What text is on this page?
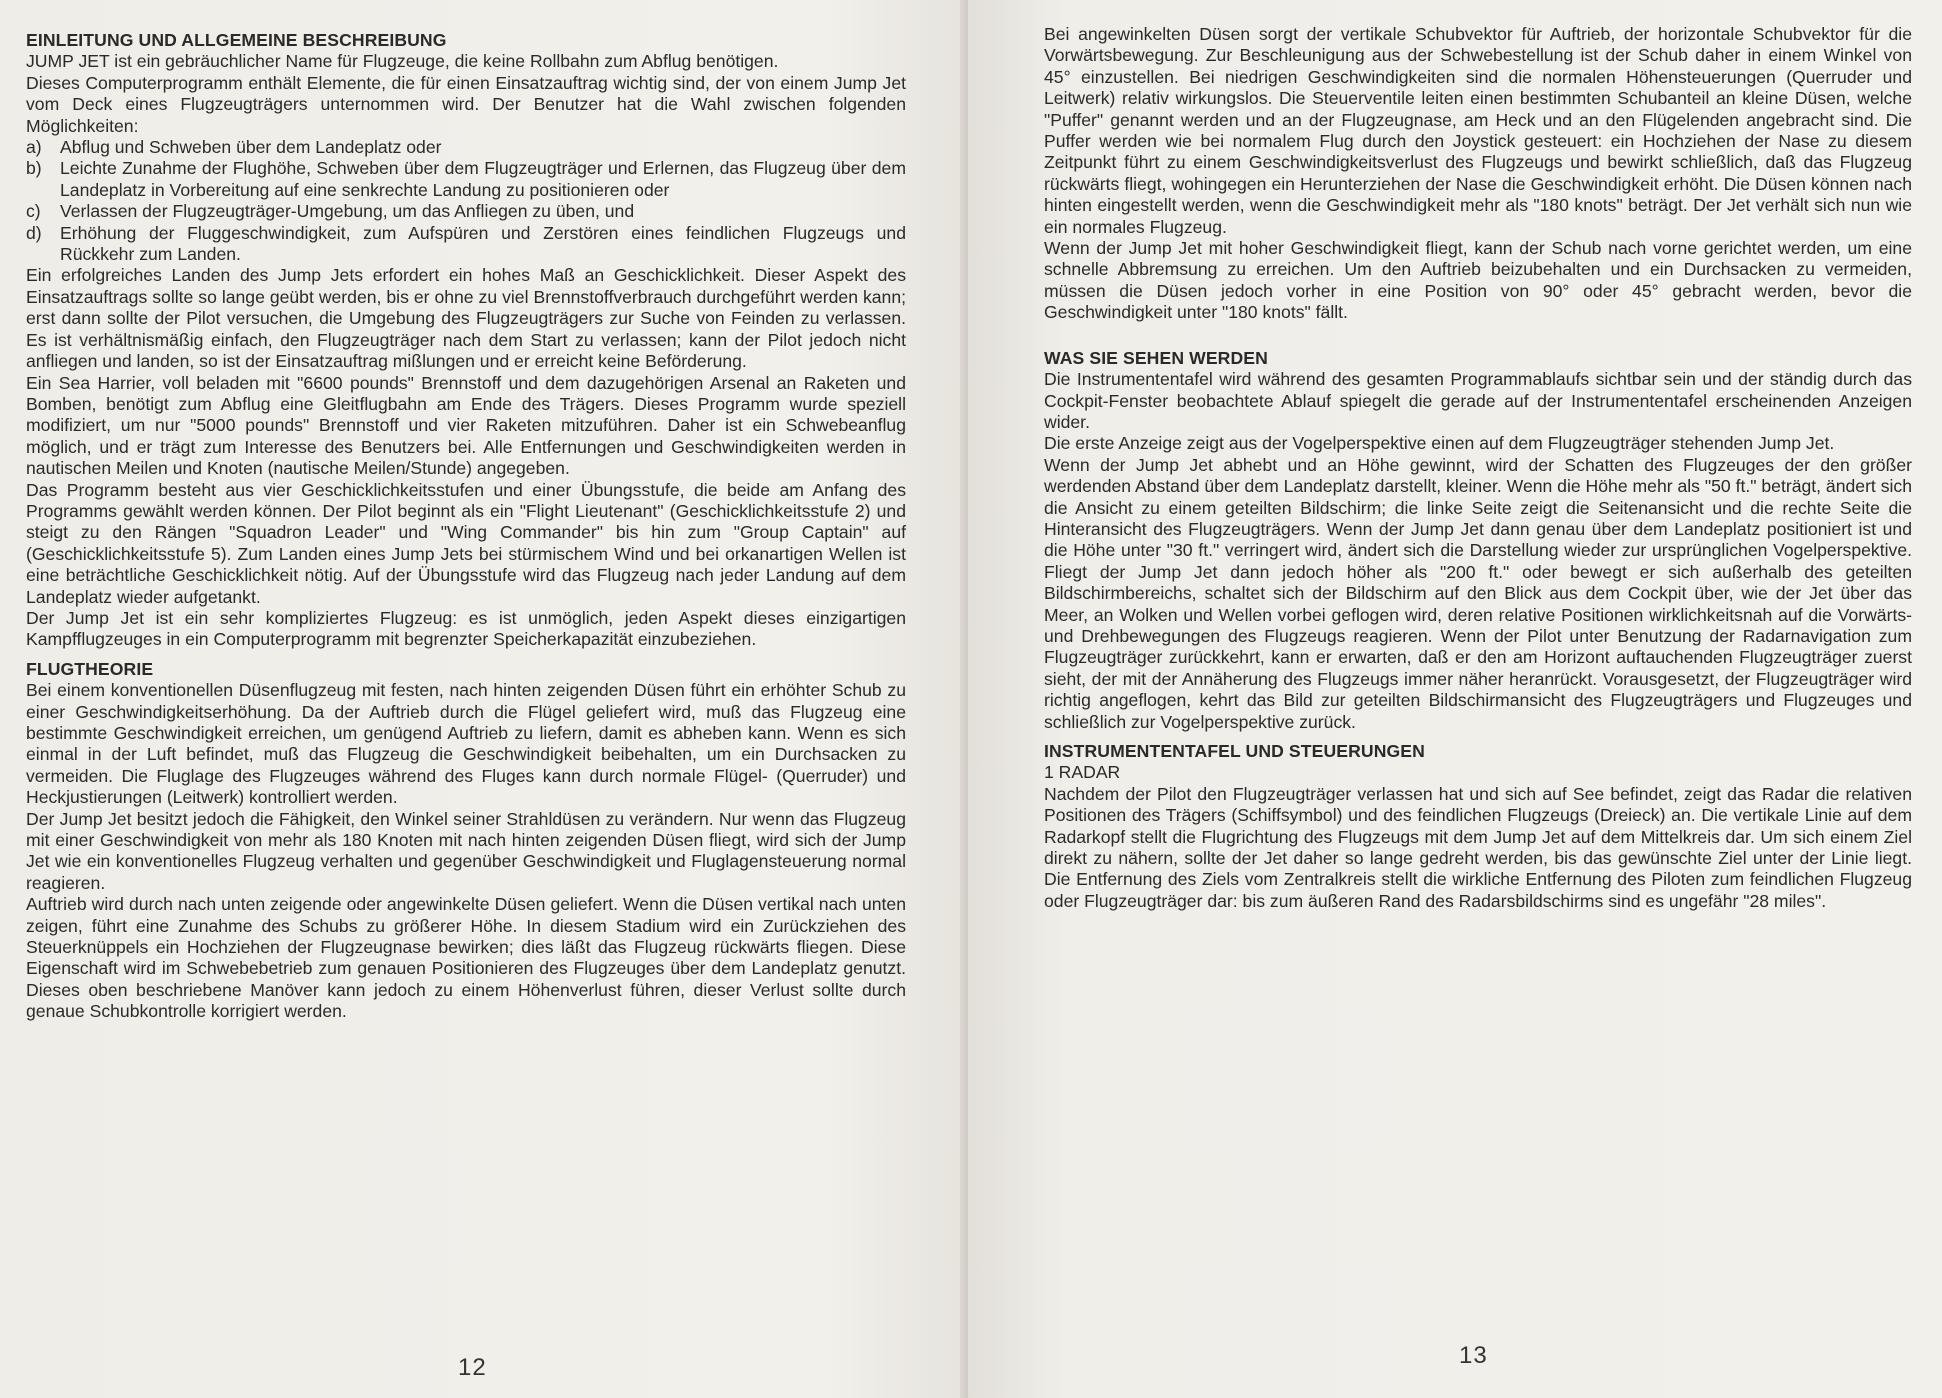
EINLEITUNG UND ALLGEMEINE BESCHREIBUNG

JUMP JET ist ein gebräuchlicher Name für Flugzeuge, die keine Rollbahn zum Abflug benötigen.

Dieses Computerprogramm enthält Elemente, die für einen Einsatzauftrag wichtig sind, der von einem Jump Jet vom Deck eines Flugzeugträgers unternommen wird. Der Benutzer hat die Wahl zwischen folgenden Möglichkeiten:

a)	Abflug und Schweben über dem Landeplatz oder
b)	Leichte Zunahme der Flughöhe, Schweben über dem Flugzeugträger und Erlernen, das Flugzeug über dem Landeplatz in Vorbereitung auf eine senkrechte Landung zu positionieren oder
c)	Verlassen der Flugzeugträger-Umgebung, um das Anfliegen zu üben, und
d)	Erhöhung der Fluggeschwindigkeit, zum Aufspüren und Zerstören eines feindlichen Flugzeugs und Rückkehr zum Landen.

Ein erfolgreiches Landen des Jump Jets erfordert ein hohes Maß an Geschicklichkeit. Dieser Aspekt des Einsatzauftrags sollte so lange geübt werden, bis er ohne zu viel Brennstoffverbrauch durchgeführt werden kann; erst dann sollte der Pilot versuchen, die Umgebung des Flugzeugträgers zur Suche von Feinden zu verlassen. Es ist verhältnismäßig einfach, den Flugzeugträger nach dem Start zu verlassen; kann der Pilot jedoch nicht anfliegen und landen, so ist der Einsatzauftrag mißlungen und er erreicht keine Beförderung.

Ein Sea Harrier, voll beladen mit "6600 pounds" Brennstoff und dem dazugehörigen Arsenal an Raketen und Bomben, benötigt zum Abflug eine Gleitflugbahn am Ende des Trägers. Dieses Programm wurde speziell modifiziert, um nur "5000 pounds" Brennstoff und vier Raketen mitzuführen. Daher ist ein Schwebeanflug möglich, und er trägt zum Interesse des Benutzers bei. Alle Entfernungen und Geschwindigkeiten werden in nautischen Meilen und Knoten (nautische Meilen/Stunde) angegeben.

Das Programm besteht aus vier Geschicklichkeitsstufen und einer Übungsstufe, die beide am Anfang des Programms gewählt werden können. Der Pilot beginnt als ein "Flight Lieutenant" (Geschicklichkeitsstufe 2) und steigt zu den Rängen "Squadron Leader" und "Wing Commander" bis hin zum "Group Captain" auf (Geschicklichkeitsstufe 5). Zum Landen eines Jump Jets bei stürmischem Wind und bei orkanartigen Wellen ist eine beträchtliche Geschicklichkeit nötig. Auf der Übungsstufe wird das Flugzeug nach jeder Landung auf dem Landeplatz wieder aufgetankt.

Der Jump Jet ist ein sehr kompliziertes Flugzeug: es ist unmöglich, jeden Aspekt dieses einzigartigen Kampfflugzeuges in ein Computerprogramm mit begrenzter Speicherkapazität einzubeziehen.

FLUGTHEORIE

Bei einem konventionellen Düsenflugzeug mit festen, nach hinten zeigenden Düsen führt ein erhöhter Schub zu einer Geschwindigkeitserhöhung. Da der Auftrieb durch die Flügel geliefert wird, muß das Flugzeug eine bestimmte Geschwindigkeit erreichen, um genügend Auftrieb zu liefern, damit es abheben kann. Wenn es sich einmal in der Luft befindet, muß das Flugzeug die Geschwindigkeit beibehalten, um ein Durchsacken zu vermeiden. Die Fluglage des Flugzeuges während des Fluges kann durch normale Flügel- (Querruder) und Heckjustierungen (Leitwerk) kontrolliert werden.

Der Jump Jet besitzt jedoch die Fähigkeit, den Winkel seiner Strahldüsen zu verändern. Nur wenn das Flugzeug mit einer Geschwindigkeit von mehr als 180 Knoten mit nach hinten zeigenden Düsen fliegt, wird sich der Jump Jet wie ein konventionelles Flugzeug verhalten und gegenüber Geschwindigkeit und Fluglagensteuerung normal reagieren.

Auftrieb wird durch nach unten zeigende oder angewinkelte Düsen geliefert. Wenn die Düsen vertikal nach unten zeigen, führt eine Zunahme des Schubs zu größerer Höhe. In diesem Stadium wird ein Zurückziehen des Steuerknüppels ein Hochziehen der Flugzeugnase bewirken; dies läßt das Flugzeug rückwärts fliegen. Diese Eigenschaft wird im Schwebebetrieb zum genauen Positionieren des Flugzeuges über dem Landeplatz genutzt. Dieses oben beschriebene Manöver kann jedoch zu einem Höhenverlust führen, dieser Verlust sollte durch genaue Schubkontrolle korrigiert werden.

12

Bei angewinkelten Düsen sorgt der vertikale Schubvektor für Auftrieb, der horizontale Schubvektor für die Vorwärtsbewegung. Zur Beschleunigung aus der Schwebestellung ist der Schub daher in einem Winkel von 45° einzustellen. Bei niedrigen Geschwindigkeiten sind die normalen Höhensteuerungen (Querruder und Leitwerk) relativ wirkungslos. Die Steuerventile leiten einen bestimmten Schubanteil an kleine Düsen, welche "Puffer" genannt werden und an der Flugzeugnase, am Heck und an den Flügelenden angebracht sind. Die Puffer werden wie bei normalem Flug durch den Joystick gesteuert: ein Hochziehen der Nase zu diesem Zeitpunkt führt zu einem Geschwindigkeitsverlust des Flugzeugs und bewirkt schließlich, daß das Flugzeug rückwärts fliegt, wohingegen ein Herunterziehen der Nase die Geschwindigkeit erhöht. Die Düsen können nach hinten eingestellt werden, wenn die Geschwindigkeit mehr als "180 knots" beträgt. Der Jet verhält sich nun wie ein normales Flugzeug.

Wenn der Jump Jet mit hoher Geschwindigkeit fliegt, kann der Schub nach vorne gerichtet werden, um eine schnelle Abbremsung zu erreichen. Um den Auftrieb beizubehalten und ein Durchsacken zu vermeiden, müssen die Düsen jedoch vorher in eine Position von 90° oder 45° gebracht werden, bevor die Geschwindigkeit unter "180 knots" fällt.

WAS SIE SEHEN WERDEN

Die Instrumententafel wird während des gesamten Programmablaufs sichtbar sein und der ständig durch das Cockpit-Fenster beobachtete Ablauf spiegelt die gerade auf der Instrumententafel erscheinenden Anzeigen wider.

Die erste Anzeige zeigt aus der Vogelperspektive einen auf dem Flugzeugträger stehenden Jump Jet.

Wenn der Jump Jet abhebt und an Höhe gewinnt, wird der Schatten des Flugzeuges der den größer werdenden Abstand über dem Landeplatz darstellt, kleiner. Wenn die Höhe mehr als "50 ft." beträgt, ändert sich die Ansicht zu einem geteilten Bildschirm; die linke Seite zeigt die Seitenansicht und die rechte Seite die Hinteransicht des Flugzeugträgers. Wenn der Jump Jet dann genau über dem Landeplatz positioniert ist und die Höhe unter "30 ft." verringert wird, ändert sich die Darstellung wieder zur ursprünglichen Vogelperspektive. Fliegt der Jump Jet dann jedoch höher als "200 ft." oder bewegt er sich außerhalb des geteilten Bildschirmbereichs, schaltet sich der Bildschirm auf den Blick aus dem Cockpit über, wie der Jet über das Meer, an Wolken und Wellen vorbei geflogen wird, deren relative Positionen wirklichkeitsnah auf die Vorwärts- und Drehbewegungen des Flugzeugs reagieren. Wenn der Pilot unter Benutzung der Radarnavigation zum Flugzeugträger zurückkehrt, kann er erwarten, daß er den am Horizont auftauchenden Flugzeugträger zuerst sieht, der mit der Annäherung des Flugzeugs immer näher heranrückt. Vorausgesetzt, der Flugzeugträger wird richtig angeflogen, kehrt das Bild zur geteilten Bildschirmansicht des Flugzeugträgers und Flugzeuges und schließlich zur Vogelperspektive zurück.

INSTRUMENTENTAFEL UND STEUERUNGEN

1 RADAR

Nachdem der Pilot den Flugzeugträger verlassen hat und sich auf See befindet, zeigt das Radar die relativen Positionen des Trägers (Schiffsymbol) und des feindlichen Flugzeugs (Dreieck) an. Die vertikale Linie auf dem Radarkopf stellt die Flugrichtung des Flugzeugs mit dem Jump Jet auf dem Mittelkreis dar. Um sich einem Ziel direkt zu nähern, sollte der Jet daher so lange gedreht werden, bis das gewünschte Ziel unter der Linie liegt. Die Entfernung des Ziels vom Zentralkreis stellt die wirkliche Entfernung des Piloten zum feindlichen Flugzeug oder Flugzeugträger dar: bis zum äußeren Rand des Radarsbildschirms sind es ungefähr "28 miles".

13
